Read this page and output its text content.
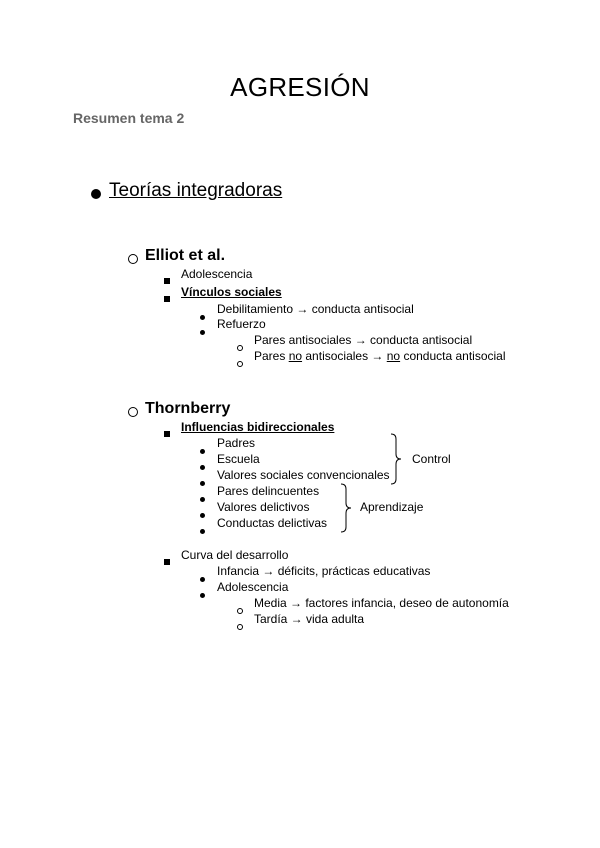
AGRESIÓN
Resumen tema 2
Teorías integradoras
Elliot et al.
Adolescencia
Vínculos sociales
Debilitamiento → conducta antisocial
Refuerzo
Pares antisociales → conducta antisocial
Pares no antisociales → no conducta antisocial
Thornberry
Influencias bidireccionales
Padres
Escuela
Valores sociales convencionales
Pares delincuentes
Valores delictivos
Conductas delictivas
Control
Aprendizaje
Curva del desarrollo
Infancia → déficits, prácticas educativas
Adolescencia
Media → factores infancia, deseo de autonomía
Tardía → vida adulta
